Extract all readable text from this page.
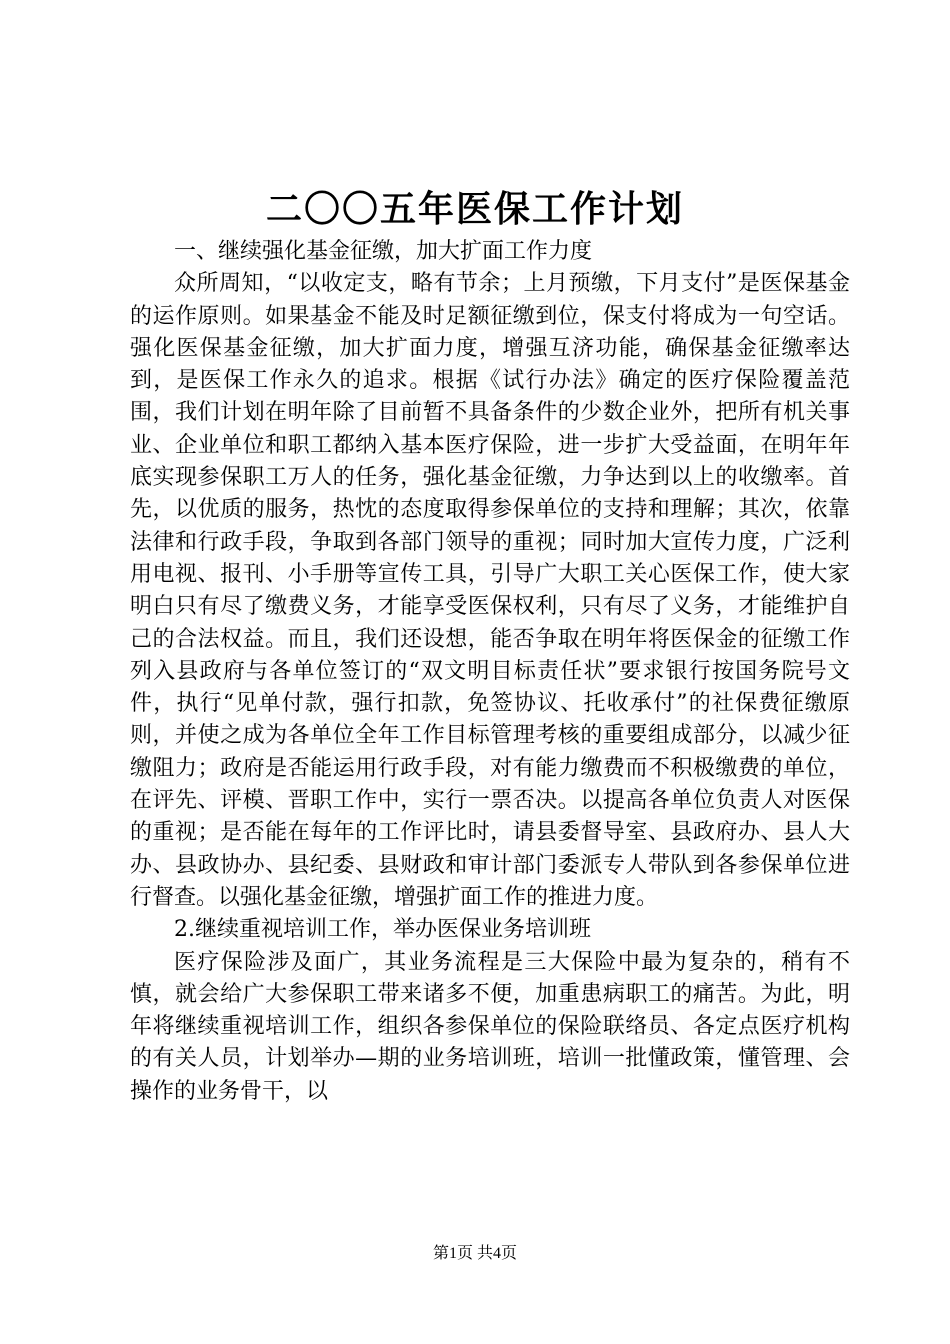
二〇〇五年医保工作计划

一、继续强化基金征缴，加大扩面工作力度

众所周知，“以收定支，略有节余；上月预缴，下月支付”是医保基金的运作原则。如果基金不能及时足额征缴到位，保支付将成为一句空话。强化医保基金征缴，加大扩面力度，增强互济功能，确保基金征缴率达到，是医保工作永久的追求。根据《试行办法》确定的医疗保险覆盖范围，我们计划在明年除了目前暂不具备条件的少数企业外，把所有机关事业、企业单位和职工都纳入基本医疗保险，进一步扩大受益面，在明年年底实现参保职工万人的任务，强化基金征缴，力争达到以上的收缴率。首先，以优质的服务，热忱的态度取得参保单位的支持和理解；其次，依靠法律和行政手段，争取到各部门领导的重视；同时加大宣传力度，广泛利用电视、报刊、小手册等宣传工具，引导广大职工关心医保工作，使大家明白只有尽了缴费义务，才能享受医保权利，只有尽了义务，才能维护自己的合法权益。而且，我们还设想，能否争取在明年将医保金的征缴工作列入县政府与各单位签订的“双文明目标责任状”要求银行按国务院号文件，执行“见单付款，强行扣款，免签协议、托收承付”的社保费征缴原则，并使之成为各单位全年工作目标管理考核的重要组成部分，以减少征缴阻力；政府是否能运用行政手段，对有能力缴费而不积极缴费的单位，在评先、评模、晋职工作中，实行一票否决。以提高各单位负责人对医保的重视；是否能在每年的工作评比时，请县委督导室、县政府办、县人大办、县政协办、县纪委、县财政和审计部门委派专人带队到各参保单位进行督查。以强化基金征缴，增强扩面工作的推进力度。

2.继续重视培训工作，举办医保业务培训班

医疗保险涉及面广，其业务流程是三大保险中最为复杂的，稍有不慎，就会给广大参保职工带来诸多不便，加重患病职工的痛苦。为此，明年将继续重视培训工作，组织各参保单位的保险联络员、各定点医疗机构的有关人员，计划举办—期的业务培训班，培训一批懂政策，懂管理、会操作的业务骨干，以

第1页 共4页
